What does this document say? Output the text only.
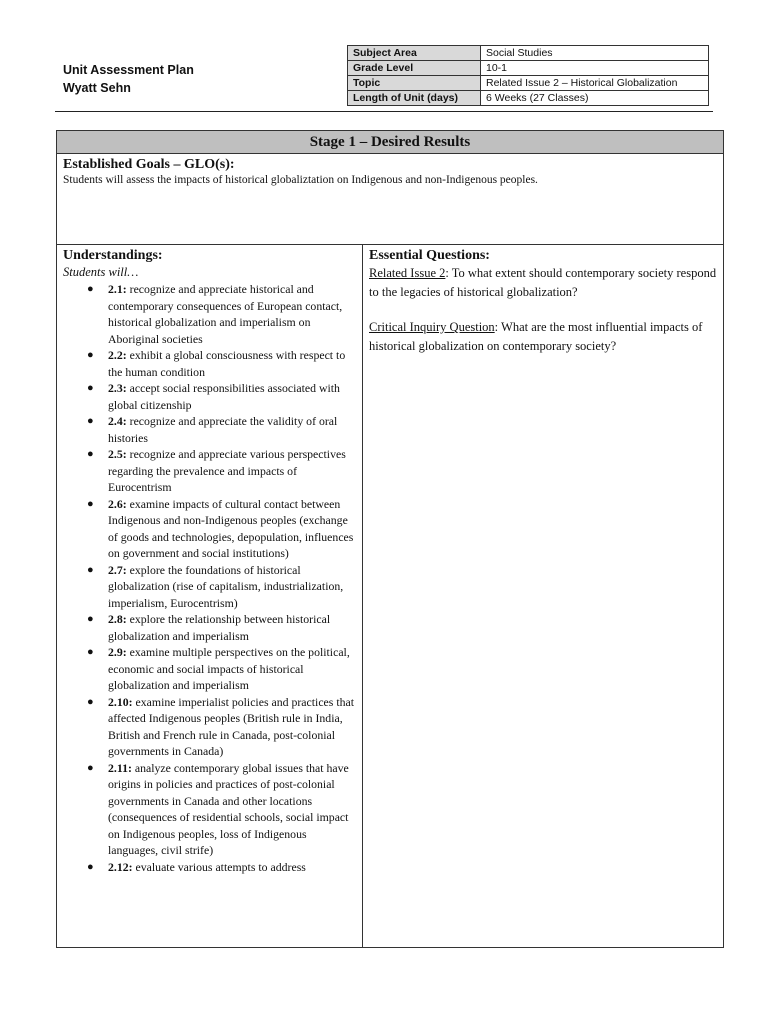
Unit Assessment Plan
Wyatt Sehn
Subject Area	Social Studies
Grade Level	10-1
Topic	Related Issue 2 – Historical Globalization
Length of Unit (days)	6 Weeks (27 Classes)
Stage 1 – Desired Results
Established Goals – GLO(s):
Students will assess the impacts of historical globaliztation on Indigenous and non-Indigenous peoples.
Understandings:
Students will…
● 2.1: recognize and appreciate historical and contemporary consequences of European contact, historical globalization and imperialism on Aboriginal societies
● 2.2: exhibit a global consciousness with respect to the human condition
● 2.3: accept social responsibilities associated with global citizenship
● 2.4: recognize and appreciate the validity of oral histories
● 2.5: recognize and appreciate various perspectives regarding the prevalence and impacts of Eurocentrism
● 2.6: examine impacts of cultural contact between Indigenous and non-Indigenous peoples (exchange of goods and technologies, depopulation, influences on government and social institutions)
● 2.7: explore the foundations of historical globalization (rise of capitalism, industrialization, imperialism, Eurocentrism)
● 2.8: explore the relationship between historical globalization and imperialism
● 2.9: examine multiple perspectives on the political, economic and social impacts of historical globalization and imperialism
● 2.10: examine imperialist policies and practices that affected Indigenous peoples (British rule in India, British and French rule in Canada, post-colonial governments in Canada)
● 2.11: analyze contemporary global issues that have origins in policies and practices of post-colonial governments in Canada and other locations (consequences of residential schools, social impact on Indigenous peoples, loss of Indigenous languages, civil strife)
● 2.12: evaluate various attempts to address
Essential Questions:
Related Issue 2: To what extent should contemporary society respond to the legacies of historical globalization?
Critical Inquiry Question: What are the most influential impacts of historical globalization on contemporary society?
